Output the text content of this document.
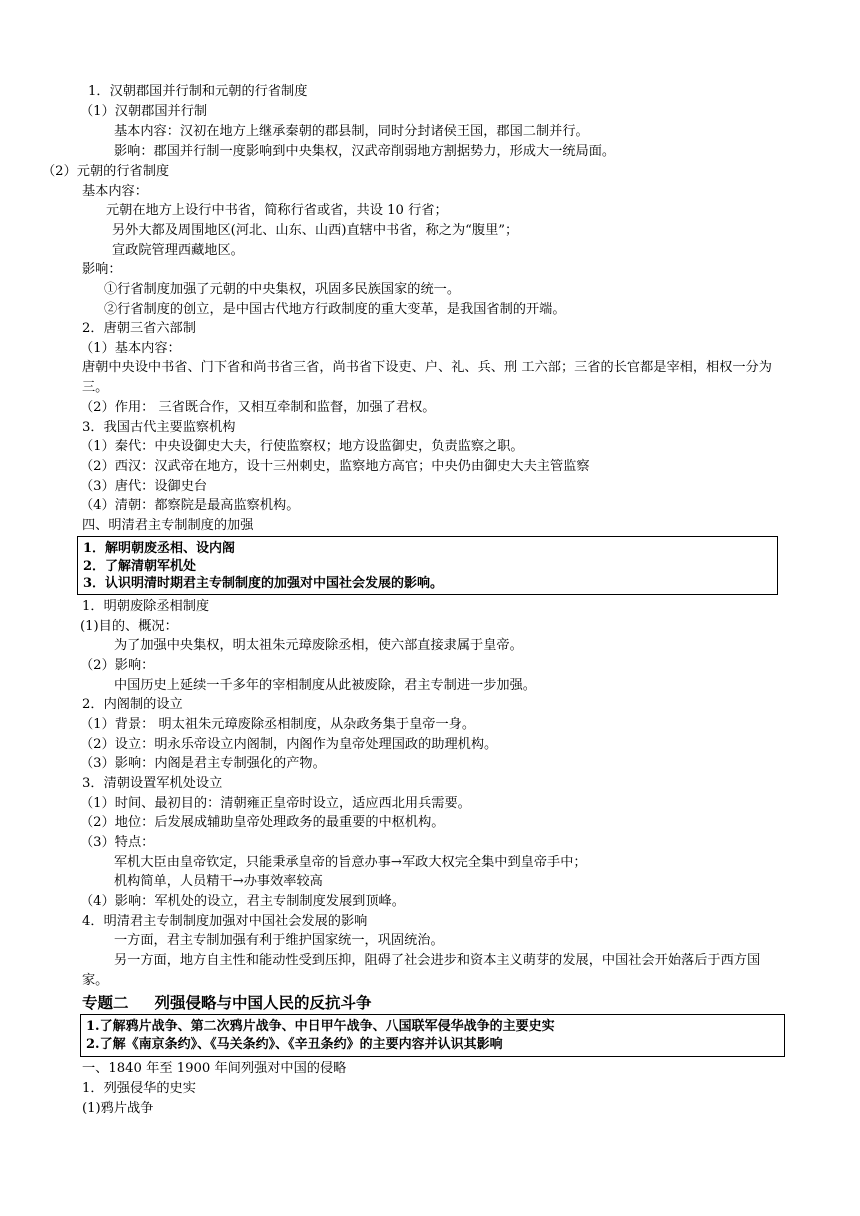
1．汉朝郡国并行制和元朝的行省制度
（1）汉朝郡国并行制
基本内容：汉初在地方上继承秦朝的郡县制，同时分封诸侯王国，郡国二制并行。
影响：郡国并行制一度影响到中央集权，汉武帝削弱地方割据势力，形成大一统局面。
（2）元朝的行省制度
基本内容：
元朝在地方上设行中书省，简称行省或省，共设 10 行省；
另外大都及周围地区(河北、山东、山西)直辖中书省，称之为“腹里”；
宣政院管理西藏地区。
影响：
①行省制度加强了元朝的中央集权，巩固多民族国家的统一。
②行省制度的创立，是中国古代地方行政制度的重大变革，是我国省制的开端。
2．唐朝三省六部制
（1）基本内容：
唐朝中央设中书省、门下省和尚书省三省，尚书省下设吏、户、礼、兵、刑 工六部；三省的长官都是宰相，相权一分为三。
（2）作用： 三省既合作，又相互牵制和监督，加强了君权。
3．我国古代主要监察机构
（1）秦代：中央设御史大夫，行使监察权；地方设监御史，负责监察之职。
（2）西汉：汉武帝在地方，设十三州刺史，监察地方高官；中央仍由御史大夫主管监察
（3）唐代：设御史台
（4）清朝：都察院是最高监察机构。
四、明清君主专制制度的加强
1．解明朝废丞相、设内阁
2．了解清朝军机处
3．认识明清时期君主专制制度的加强对中国社会发展的影响。
1．明朝废除丞相制度
(1)目的、概况：
为了加强中央集权，明太祖朱元璋废除丞相，使六部直接隶属于皇帝。
（2）影响：
中国历史上延续一千多年的宰相制度从此被废除，君主专制进一步加强。
2．内阁制的设立
（1）背景： 明太祖朱元璋废除丞相制度，从杂政务集于皇帝一身。
（2）设立：明永乐帝设立内阁制，内阁作为皇帝处理国政的助理机构。
（3）影响：内阁是君主专制强化的产物。
3．清朝设置军机处设立
（1）时间、最初目的：清朝雍正皇帝时设立，适应西北用兵需要。
（2）地位：后发展成辅助皇帝处理政务的最重要的中枢机构。
（3）特点：
军机大臣由皇帝钦定，只能秉承皇帝的旨意办事→军政大权完全集中到皇帝手中；
机构简单，人员精干→办事效率较高
（4）影响：军机处的设立，君主专制制度发展到顶峰。
4．明清君主专制制度加强对中国社会发展的影响
一方面，君主专制加强有利于维护国家统一，巩固统治。
另一方面，地方自主性和能动性受到压抑，阻碍了社会进步和资本主义萌芽的发展，中国社会开始落后于西方国家。
专题二 列强侵略与中国人民的反抗斗争
1.了解鸦片战争、第二次鸦片战争、中日甲午战争、八国联军侵华战争的主要史实
2.了解《南京条约》、《马关条约》、《辛丑条约》的主要内容并认识其影响
一、1840 年至 1900 年间列强对中国的侵略
1．列强侵华的史实
(1)鸦片战争
